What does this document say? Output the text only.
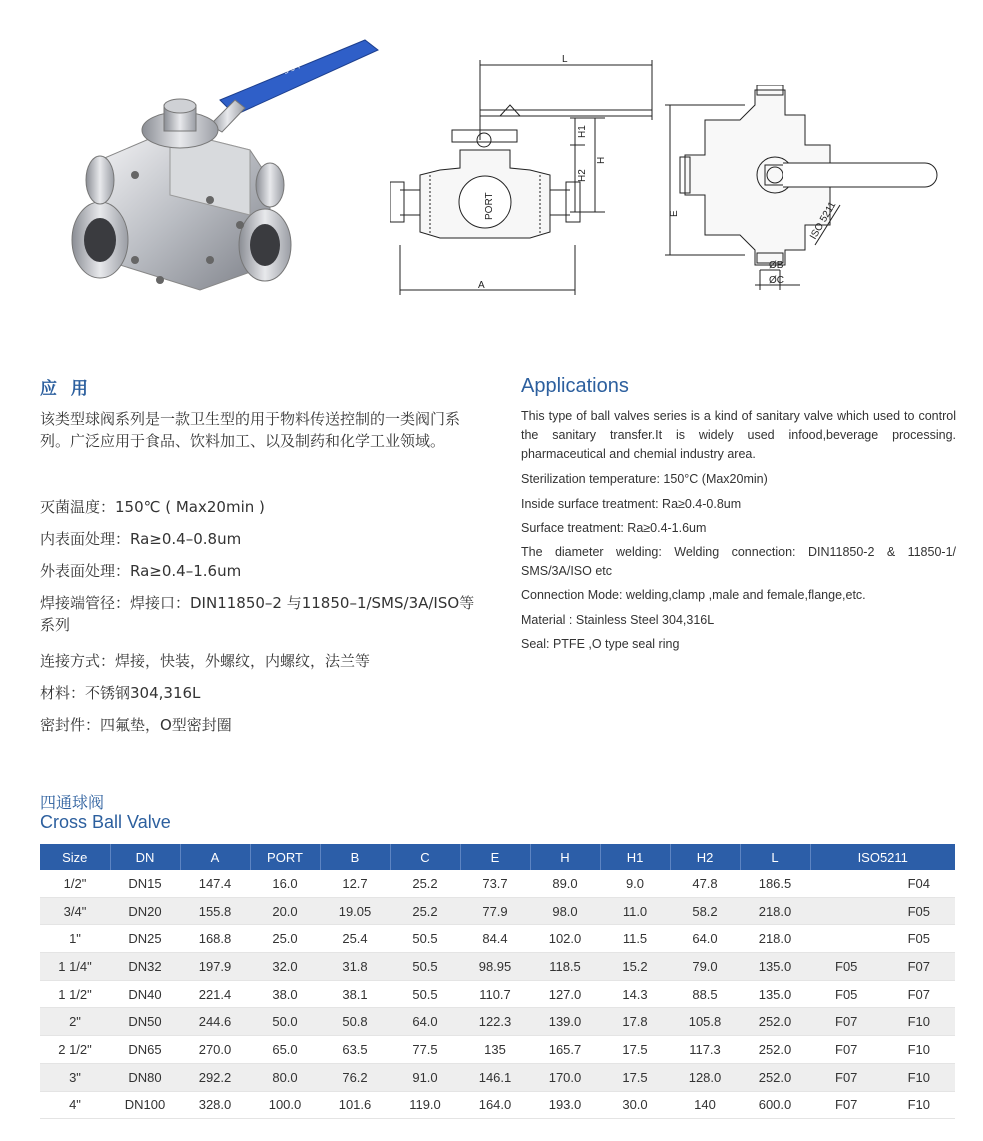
S S T
L
H1
H2
H
PORT
A
E	ISO 5211
ØB
ØC
应 用
该类型球阀系列是一款卫生型的用于物料传送控制的一类阀门系列。广泛应用于食品、饮料加工、以及制药和化学工业领域。
灭菌温度：150℃ ( Max20min )
内表面处理：Ra≥0.4–0.8um
外表面处理：Ra≥0.4–1.6um
焊接端管径：焊接口：DIN11850–2 与11850–1/SMS/3A/ISO等系列
连接方式：焊接，快装，外螺纹，内螺纹，法兰等
材料：不锈钢304,316L
密封件：四氟垫，O型密封圈
Applications
This type of ball valves series is a kind of sanitary valve which used to control the sanitary transfer.It is widely used infood,beverage processing. pharmaceutical and chemial industry area.
Sterilization temperature: 150°C (Max20min)
Inside surface treatment: Ra≥0.4-0.8um
Surface treatment: Ra≥0.4-1.6um
The diameter welding: Welding connection: DIN11850-2 & 11850-1/ SMS/3A/ISO etc
Connection Mode: welding,clamp ,male and female,flange,etc.
Material : Stainless Steel 304,316L
Seal: PTFE ,O type seal ring
四通球阀
Cross Ball Valve
Size	DN	A	PORT	B	C	E	H	H1	H2	L	ISO5211
1/2"	DN15	147.4	16.0	12.7	25.2	73.7	89.0	9.0	47.8	186.5	F04

3/4"	DN20	155.8	20.0	19.05	25.2	77.9	98.0	11.0	58.2	218.0	F05

1"	DN25	168.8	25.0	25.4	50.5	84.4	102.0	11.5	64.0	218.0	F05

1 1/4"	DN32	197.9	32.0	31.8	50.5	98.95	118.5	15.2	79.0	135.0	F05 F07

1 1/2"	DN40	221.4	38.0	38.1	50.5	110.7	127.0	14.3	88.5	135.0	F05 F07

2"	DN50	244.6	50.0	50.8	64.0	122.3	139.0	17.8	105.8	252.0	F07 F10

2 1/2"	DN65	270.0	65.0	63.5	77.5	135	165.7	17.5	117.3	252.0	F07 F10

3"	DN80	292.2	80.0	76.2	91.0	146.1	170.0	17.5	128.0	252.0	F07 F10

4"	DN100	328.0	100.0	101.6	119.0	164.0	193.0	30.0	140	600.0	F07 F10
